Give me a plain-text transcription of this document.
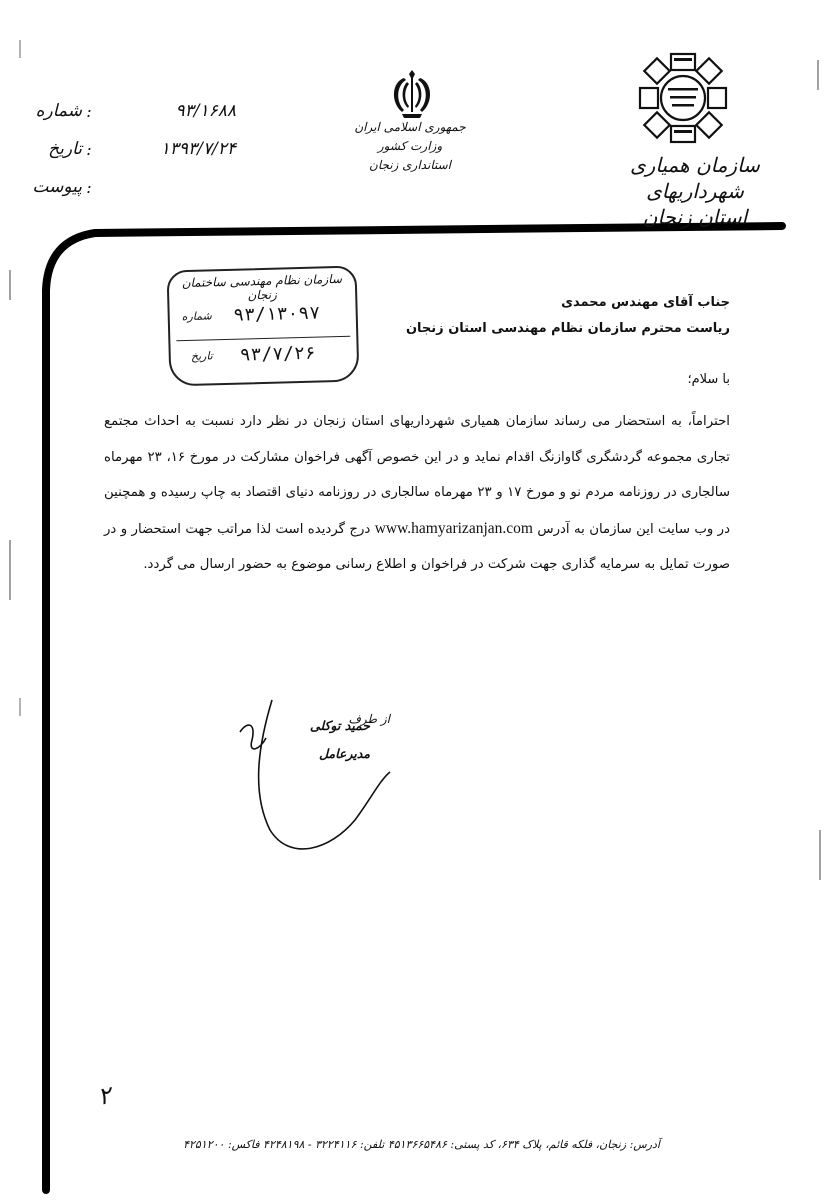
سازمان همیاری شهرداریهای
استان زنجان
جمهوری اسلامی ایران
وزارت کشور
استانداری زنجان
شماره :	۹۳/۱۶۸۸
تاریخ :	۱۳۹۳/۷/۲۴
پیوست :
سازمان نظام مهندسی ساختمان زنجان
شماره	۹۳/۱۳۰۹۷
تاریخ	۹۳/۷/۲۶
جناب آقای مهندس محمدی
ریاست محترم سازمان نظام مهندسی استان زنجان
با سلام؛
احتراماً، به استحضار می رساند سازمان همیاری شهرداریهای استان زنجان در نظر دارد نسبت به احداث مجتمع تجاری مجموعه گردشگری گاوازنگ اقدام نماید و در این خصوص آگهی فراخوان مشارکت در مورخ ۱۶، ۲۳ مهرماه سالجاری در روزنامه مردم نو و مورخ ۱۷ و ۲۳ مهرماه سالجاری در روزنامه دنیای اقتصاد به چاپ رسیده و همچنین در وب سایت این سازمان به آدرس www.hamyarizanjan.com درج گردیده است لذا مراتب جهت استحضار و در صورت تمایل به سرمایه گذاری جهت شرکت در فراخوان و اطلاع رسانی موضوع به حضور ارسال می گردد.
از طرف
حمید توکلی
مدیرعامل
۲
آدرس: زنجان، فلکه قائم، پلاک ۶۳۴، کد پستی: ۴۵۱۳۶۶۵۴۸۶ تلفن: ۳۲۲۴۱۱۶ - ۴۲۴۸۱۹۸ فاکس: ۴۲۵۱۲۰۰
